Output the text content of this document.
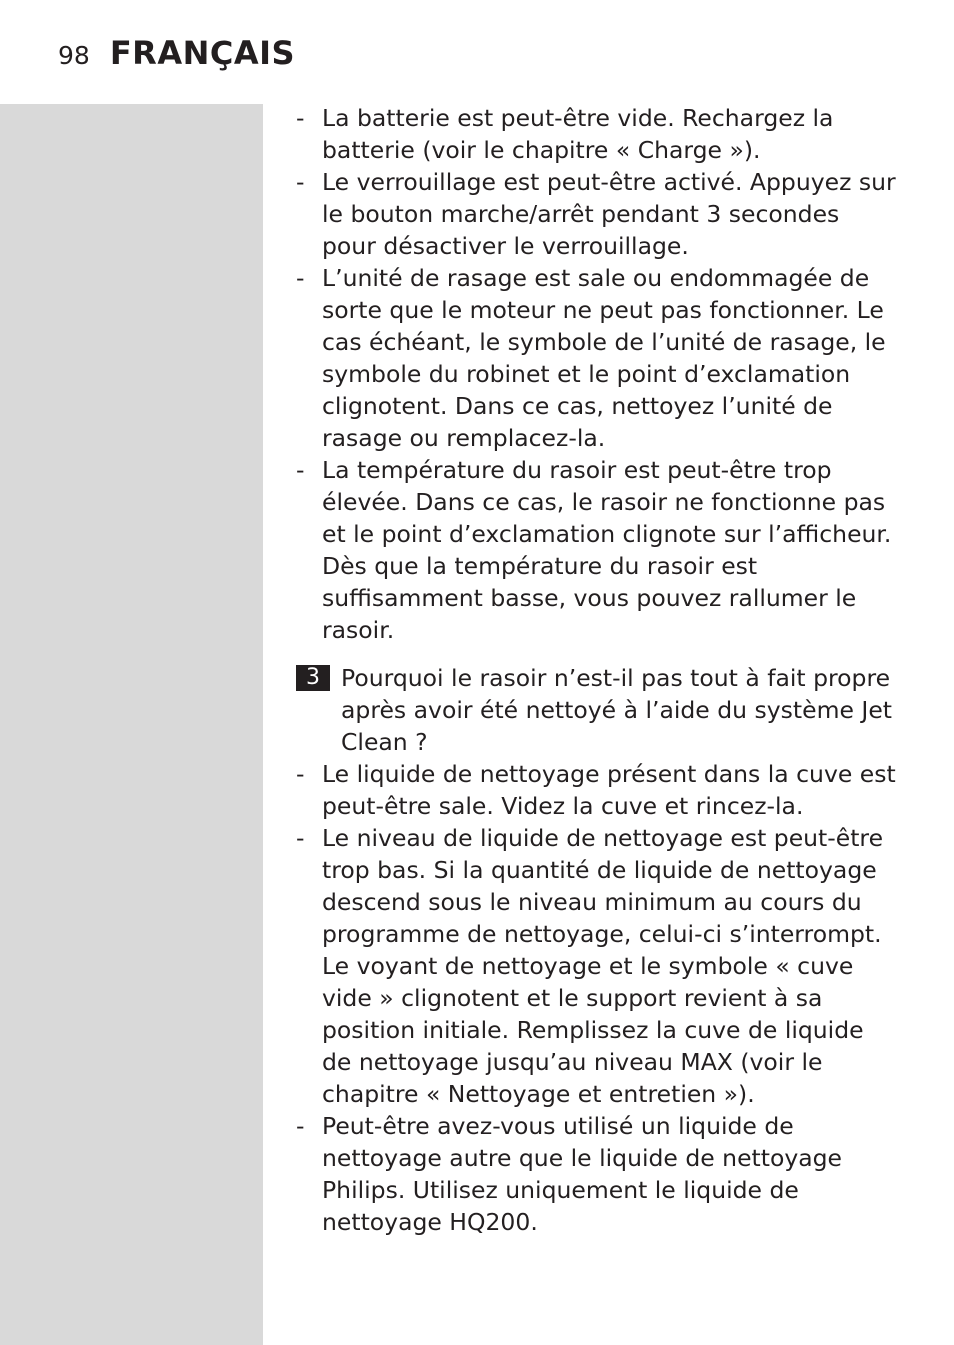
98 FRANÇAIS
- La batterie est peut-être vide. Rechargez la batterie (voir le chapitre « Charge »).
- Le verrouillage est peut-être activé. Appuyez sur le bouton marche/arrêt pendant 3 secondes pour désactiver le verrouillage.
- L’unité de rasage est sale ou endommagée de sorte que le moteur ne peut pas fonctionner. Le cas échéant, le symbole de l’unité de rasage, le symbole du robinet et le point d’exclamation clignotent. Dans ce cas, nettoyez l’unité de rasage ou remplacez-la.
- La température du rasoir est peut-être trop élevée. Dans ce cas, le rasoir ne fonctionne pas et le point d’exclamation clignote sur l’afficheur. Dès que la température du rasoir est suffisamment basse, vous pouvez rallumer le rasoir.
3 Pourquoi le rasoir n’est-il pas tout à fait propre après avoir été nettoyé à l’aide du système Jet Clean ?
- Le liquide de nettoyage présent dans la cuve est peut-être sale. Videz la cuve et rincez-la.
- Le niveau de liquide de nettoyage est peut-être trop bas. Si la quantité de liquide de nettoyage descend sous le niveau minimum au cours du programme de nettoyage, celui-ci s’interrompt. Le voyant de nettoyage et le symbole « cuve vide » clignotent et le support revient à sa position initiale. Remplissez la cuve de liquide de nettoyage jusqu’au niveau MAX (voir le chapitre « Nettoyage et entretien »).
- Peut-être avez-vous utilisé un liquide de nettoyage autre que le liquide de nettoyage Philips. Utilisez uniquement le liquide de nettoyage HQ200.
